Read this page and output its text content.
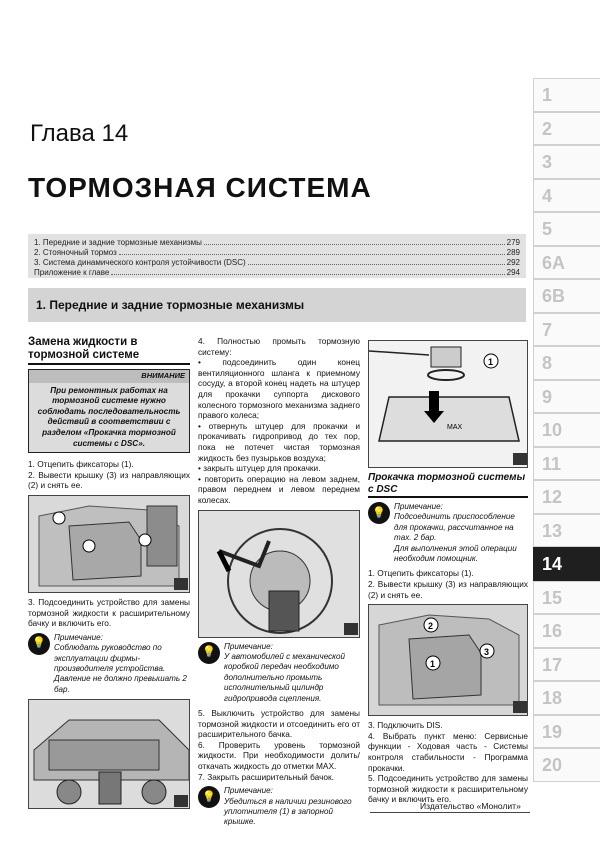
Глава 14
ТОРМОЗНАЯ СИСТЕМА
1. Передние и задние тормозные механизмы	279
2. Стояночный тормоз	289
3. Система динамического контроля устойчивости (DSC)	292
Приложение к главе	294
1. Передние и задние тормозные механизмы
1
2
3
4
5
6A
6B
7
8
9
10
11
12
13
14
15
16
17
18
19
20
Замена жидкости в тормозной системе
ВНИМАНИЕ
При ремонтных работах на тормозной системе нужно соблюдать последовательность действий в соответствии с разделом «Прокачка тормозной системы с DSC».

1. Отцепить фиксаторы (1).

2. Вывести крышку (3) из направляющих (2) и снять ее.

3. Подсоединить устройство для замены тормозной жидкости к расширительному бачку и включить его.

💡
Примечание:
Соблюдать руководство по эксплуатации фирмы-производителя устройства.
Давление не должно превышать 2 бар.

4. Полностью промыть тормозную систему:

• подсоединить один конец вентиляционного шланга к приемному сосуду, а второй конец надеть на штуцер для прокачки суппорта дискового колесного тормозного механизма заднего правого колеса;

• отвернуть штуцер для прокачки и прокачивать гидропривод до тех пор, пока не потечет чистая тормозная жидкость без пузырьков воздуха;

• закрыть штуцер для прокачки.

• повторить операцию на левом заднем, правом переднем и левом переднем колесах.

💡
Примечание:
У автомобилей с механической коробкой передач необходимо дополнительно промыть исполнительный цилиндр гидропривода сцепления.

5. Выключить устройство для замены тормозной жидкости и отсоединить его от расширительного бачка.

6. Проверить уровень тормозной жидкости. При необходимости долить/откачать жидкость до отметки MAX.

7. Закрыть расширительный бачок.

💡
Примечание:
Убедиться в наличии резинового уплотнителя (1) в запорной крышке.
MAX
1
Прокачка тормозной системы с DSC
💡
Примечание:
Подсоединить приспособление для прокачки, рассчитанное на max. 2 бар.
Для выполнения этой операции необходим помощник.

1. Отцепить фиксаторы (1).

2. Вывести крышку (3) из направляющих (2) и снять ее.

2
1
3

3. Подключить DIS.

4. Выбрать пункт меню: Сервисные функции - Ходовая часть - Системы контроля стабильности - Программа прокачки.

5. Подсоединить устройство для замены тормозной жидкости к расширительному бачку и включить его.

Издательство «Монолит»
